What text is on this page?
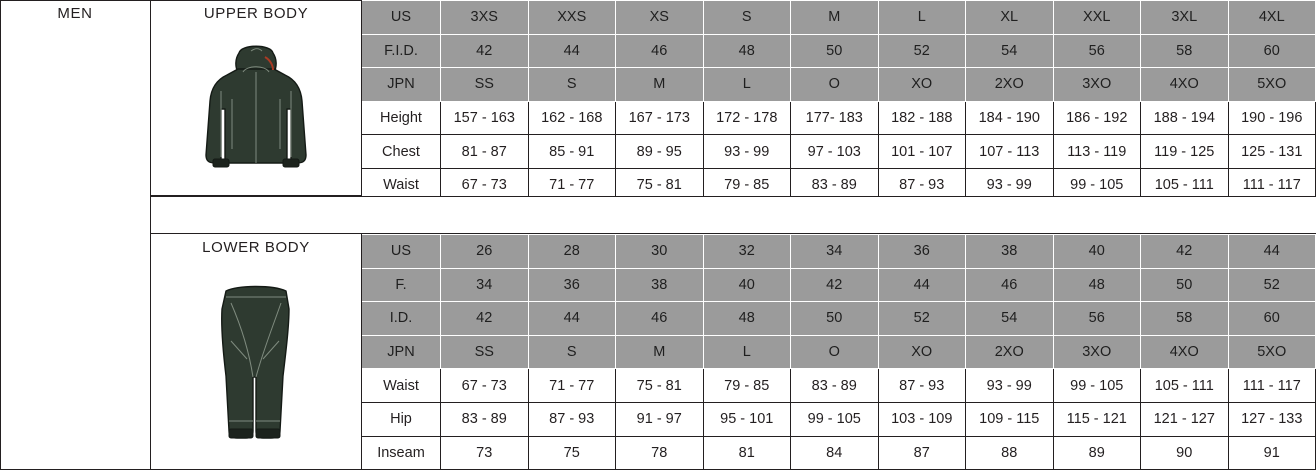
MEN	UPPER BODY	US	3XS	XXS	XS	S	M	L	XL	XXL	3XL	4XL
F.I.D.	42	44	46	48	50	52	54	56	58	60
JPN	SS	S	M	L	O	XO	2XO	3XO	4XO	5XO
Height	157 - 163	162 - 168	167 - 173	172 - 178	177- 183	182 - 188	184 - 190	186 - 192	188 - 194	190 - 196
Chest	81 - 87	85 - 91	89 - 95	93 - 99	97 - 103	101 - 107	107 - 113	113 - 119	119 - 125	125 - 131
Waist	67 - 73	71 - 77	75 - 81	79 - 85	83 - 89	87 - 93	93 - 99	99 - 105	105 - 111	111 - 117
LOWER BODY	US	26	28	30	32	34	36	38	40	42	44
F.	34	36	38	40	42	44	46	48	50	52
I.D.	42	44	46	48	50	52	54	56	58	60
JPN	SS	S	M	L	O	XO	2XO	3XO	4XO	5XO
Waist	67 - 73	71 - 77	75 - 81	79 - 85	83 - 89	87 - 93	93 - 99	99 - 105	105 - 111	111 - 117
Hip	83 - 89	87 - 93	91 - 97	95 - 101	99 - 105	103 - 109	109 - 115	115 - 121	121 - 127	127 - 133
Inseam	73	75	78	81	84	87	88	89	90	91
